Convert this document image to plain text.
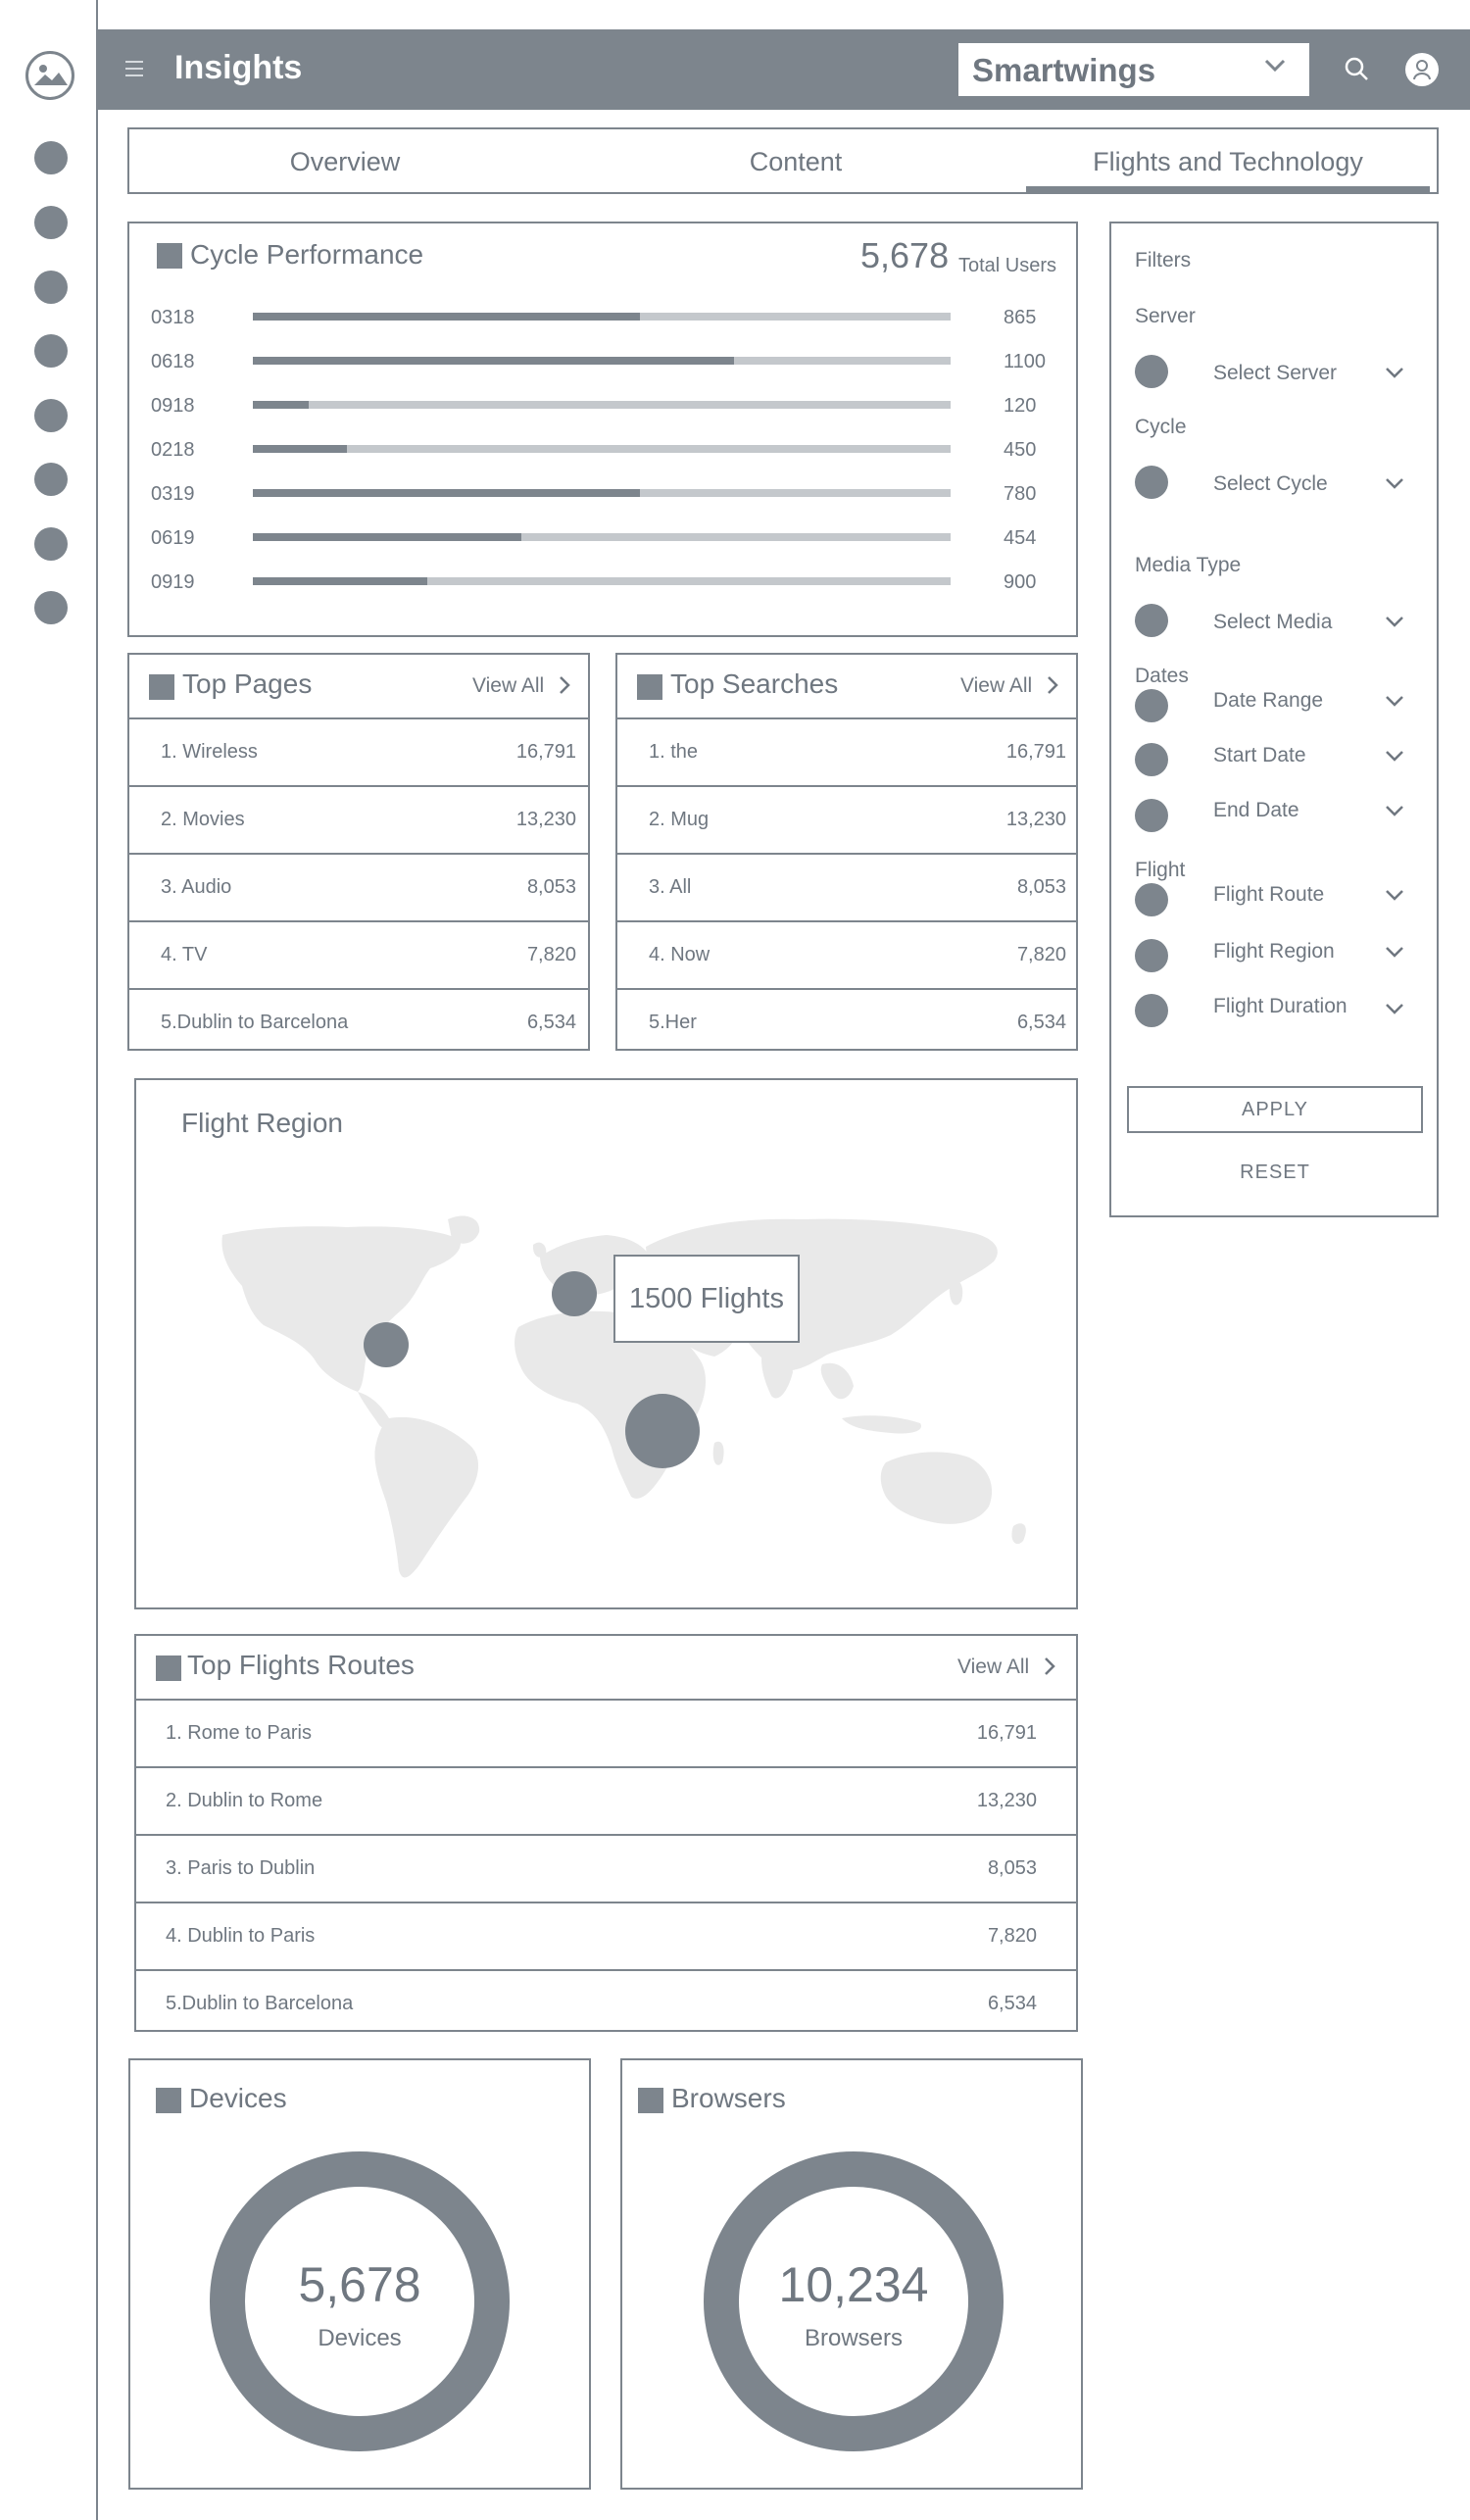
Insights	Smartwings
Overview	Content	Flights and Technology
Cycle Performance	5,678 Total Users
0318	865
0618	1100
0918	120
0218	450
0319	780
0619	454
0919	900
Top Pages	View All
1. Wireless	16,791
2. Movies	13,230
3. Audio	8,053
4. TV	7,820
5.Dublin to Barcelona	6,534
Top Searches	View All
1. the	16,791
2. Mug	13,230
3. All	8,053
4. Now	7,820
5.Her	6,534
Flight Region
1500 Flights
Top Flights Routes	View All
1. Rome to Paris	16,791
2. Dublin to Rome	13,230
3. Paris to Dublin	8,053
4. Dublin to Paris	7,820
5.Dublin to Barcelona	6,534
Devices
5,678
Devices
Browsers
10,234
Browsers
Filters
Server
Select Server
Cycle
Select Cycle
Media Type
Select Media
Dates
Date Range
Start Date
End Date
Flight
Flight Route
Flight Region
Flight Duration
APPLY
RESET
